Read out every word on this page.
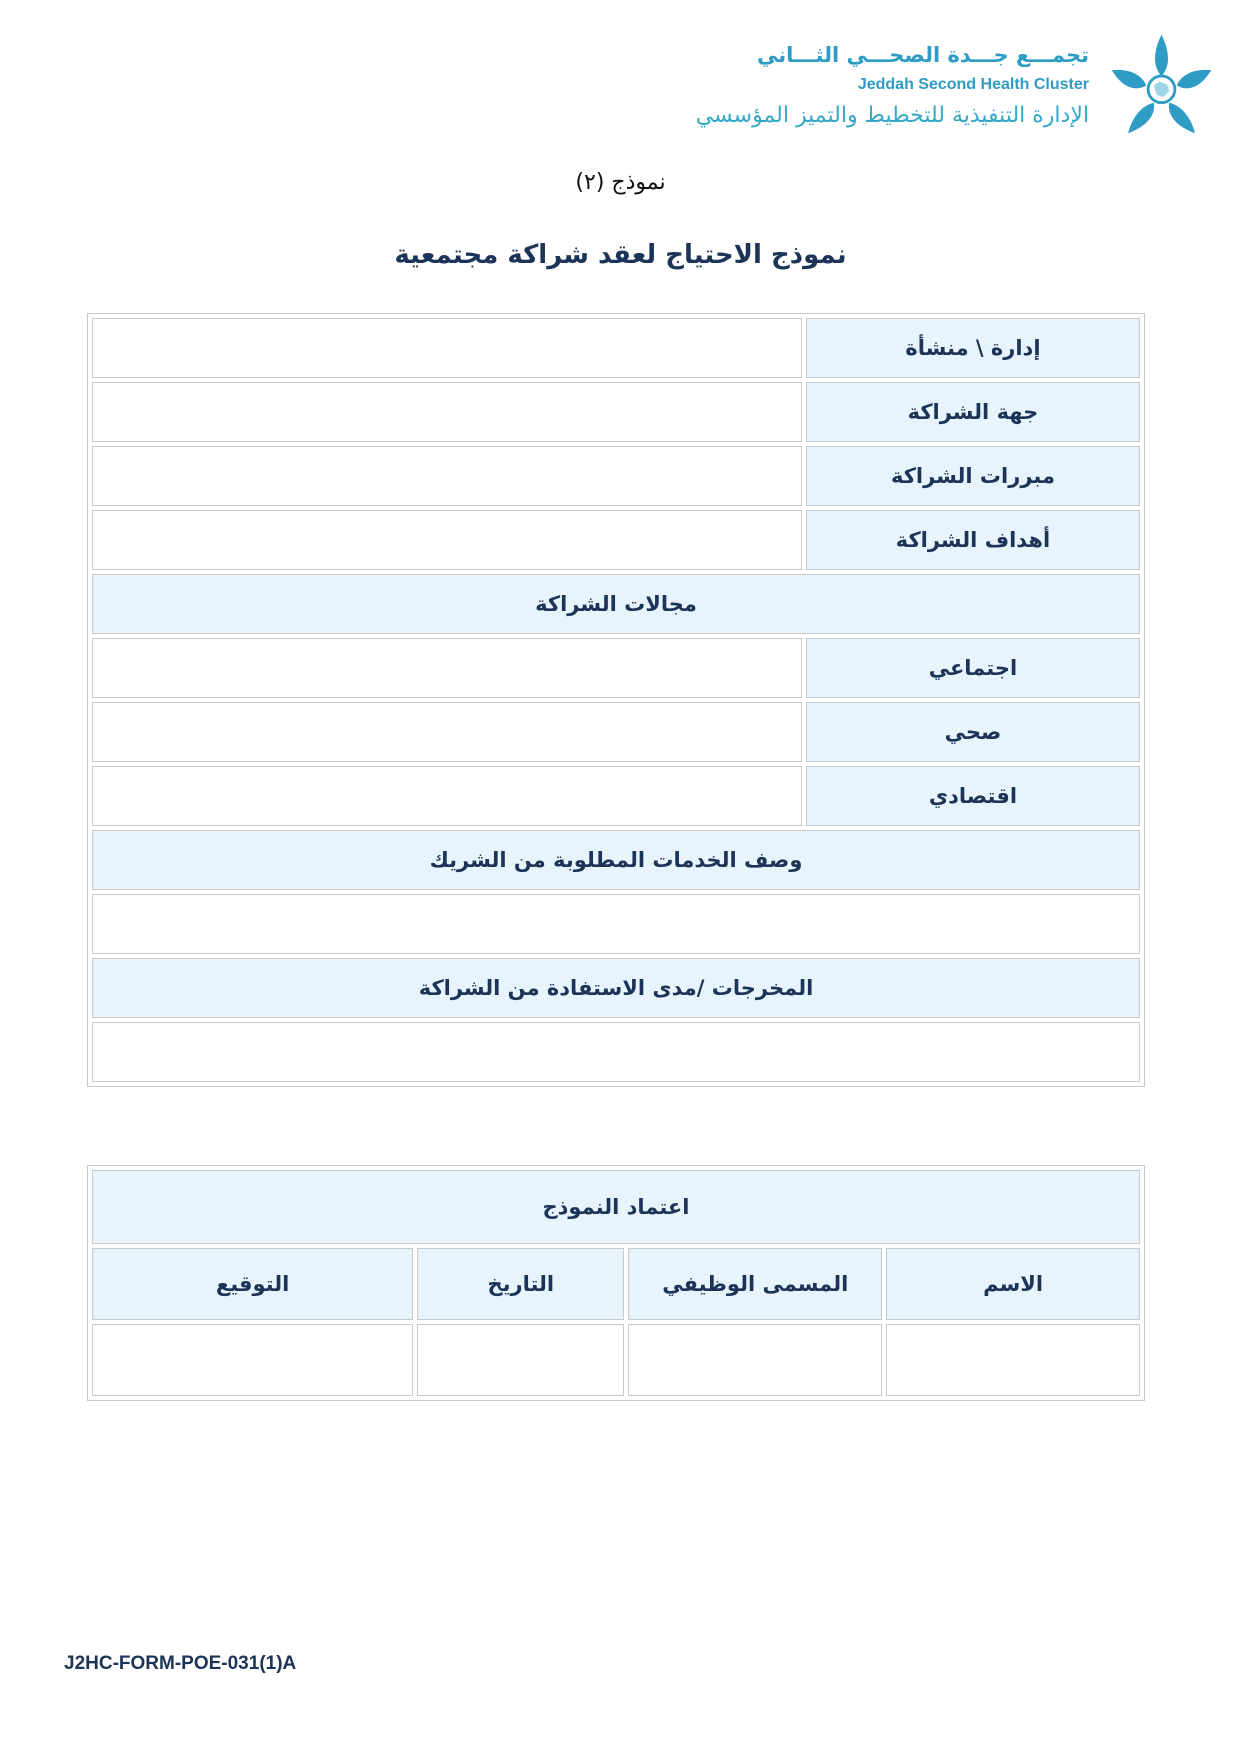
تجمـــع جـــدة الصحـــي الثـــاني
Jeddah Second Health Cluster
الإدارة التنفيذية للتخطيط والتميز المؤسسي
نموذج (٢)
نموذج الاحتياج لعقد شراكة مجتمعية
إدارة \ منشأة	
جهة الشراكة	
مبررات الشراكة	
أهداف الشراكة	
مجالات الشراكة	
اجتماعي	
صحي	
اقتصادي	
وصف الخدمات المطلوبة من الشريك	

المخرجات /مدى الاستفادة من الشراكة	

اعتماد النموذج			
الاسم	المسمى الوظيفي	التاريخ	التوقيع

J2HC-FORM-POE-031(1)A
